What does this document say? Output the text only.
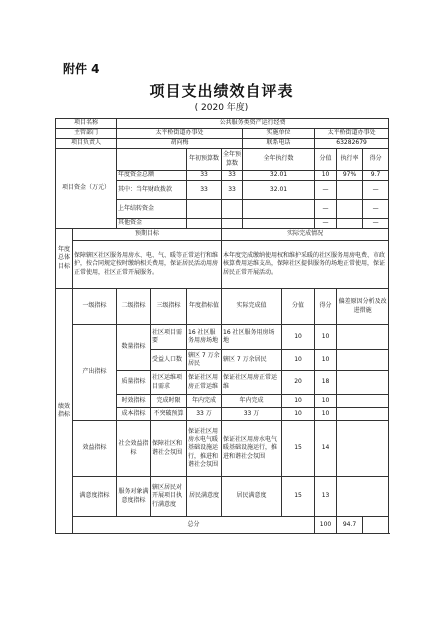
附件 4
项目支出绩效自评表
( 2020 年度)
项目名称		公共服务类资产运行经费								
主管部门		太平桥街道办事处				实施单位		太平桥街道办事处		
项目负责人		胡向梅				联系电话		63282679		
项目资金（万元）				年初预算数	全年预算数	全年执行数		分值	执行率	得分
		年度资金总额		33	33	32.01		10	97%	9.7
		其中：当年财政拨款		33	33	32.01		—		—
		上年结转资金						—		—
		其他资金						—		—
年度总体目标	预期目标				实际完成情况					
	保障辖区社区服务用房水、电、气、暖等正常运行和维护，按合同规定按时缴纳相关费用，保证居民活动用房正常使用，社区正常开展服务。				本年度完成缴纳使用权和维护采暖的社区服务用房电费、市政核算费用运维支出，保障社区提供服务的场地正常使用，保证居民正常开展活动。					
绩效指标	一级指标	二级指标	三级指标	年度指标值	实际完成值		分值	得分	偏差原因分析及改进措施	
	产出指标	数量指标	社区项目需要	16 社区服务用房场地	16 社区服务用房场地		10	10		
			受益人口数	辖区 7 万余居民	辖区 7 万余居民		10	10		
		质量指标	社区运维项目需求	保证社区用房正常运维	保证社区用房正常运维		20	18		
		时效指标	完成时限	年内完成	年内完成		10	10		
		成本指标	不突破预算	33 万	33 万		10	10		
	效益指标	社会效益指标	保障社区和谐社会氛围	保证社区用房水电气暖基础设施运行，推进和谐社会氛围	保证社区用房水电气暖基础设施运行，推进和谐社会氛围		15	14		
	满意度指标	服务对象满意度指标	辖区居民对开展项目执行满意度	居民满意度	居民满意度		15	13		
	总分							100	94.7	
